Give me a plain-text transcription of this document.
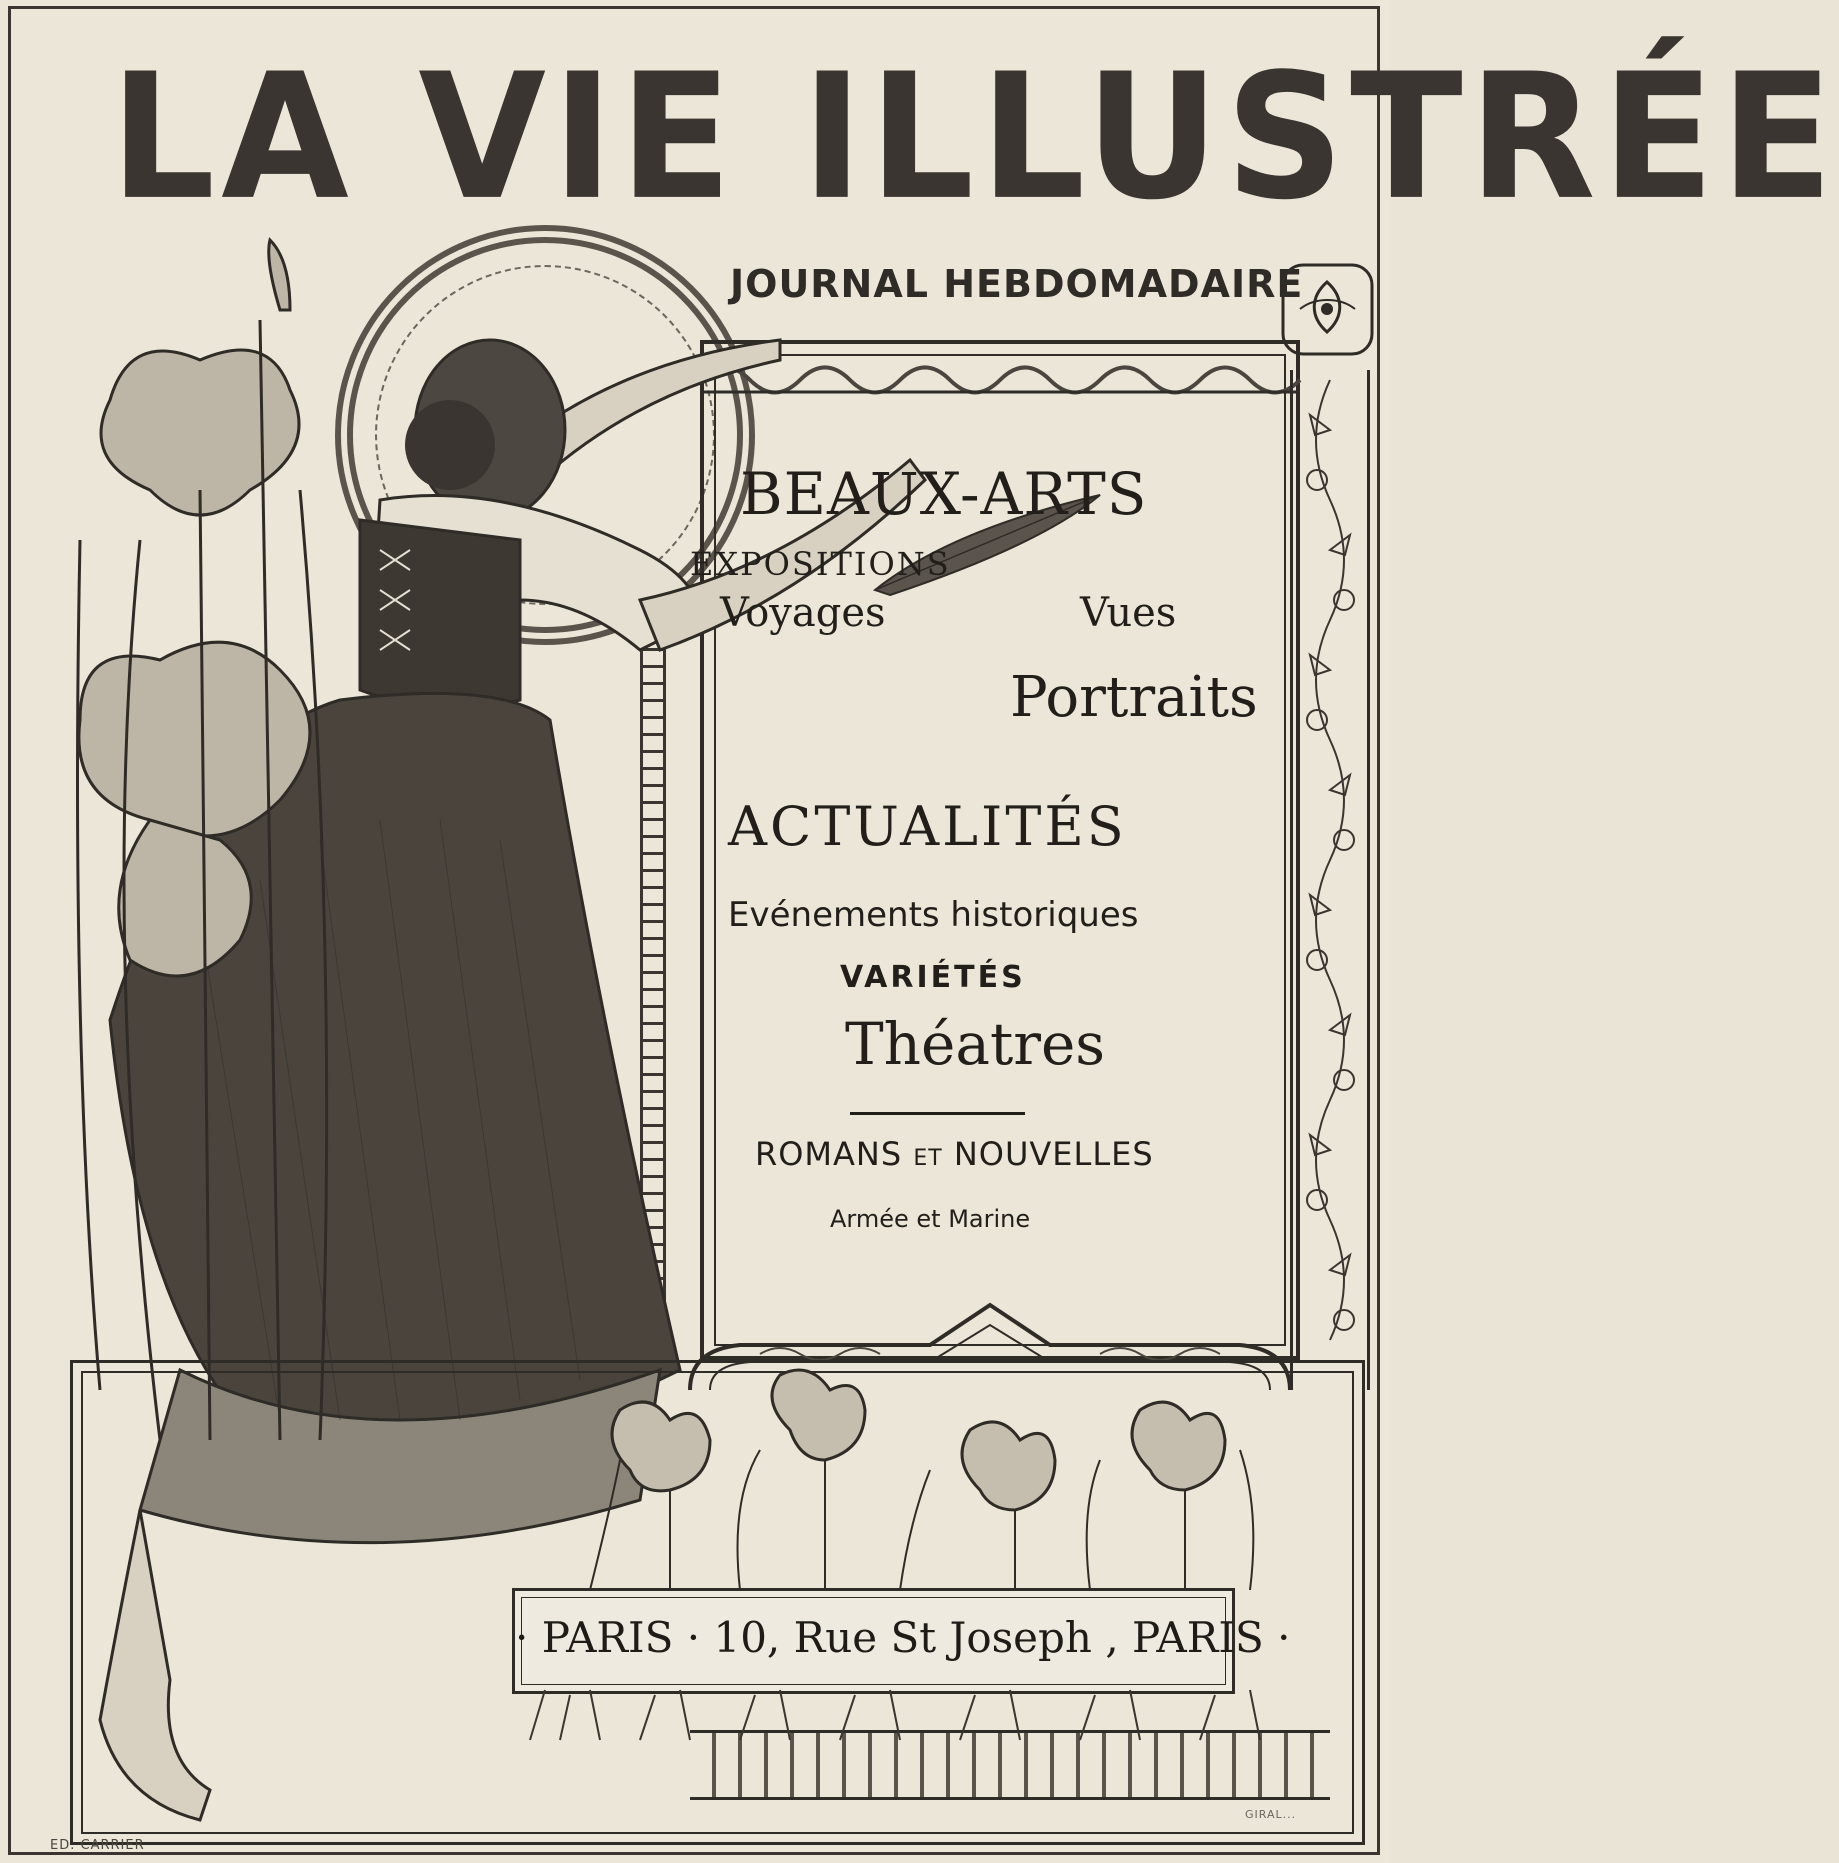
LA VIE ILLUSTRÉE
JOURNAL HEBDOMADAIRE
BEAUX-ARTS
EXPOSITIONS
Voyages	Vues
Portraits
ACTUALITÉS
Evénements historiques
VARIÉTÉS
Théatres
ROMANS et NOUVELLES
Armée et Marine
· PARIS · 10, Rue St Joseph , PARIS ·
ED. CARRIER
GIRAL...
